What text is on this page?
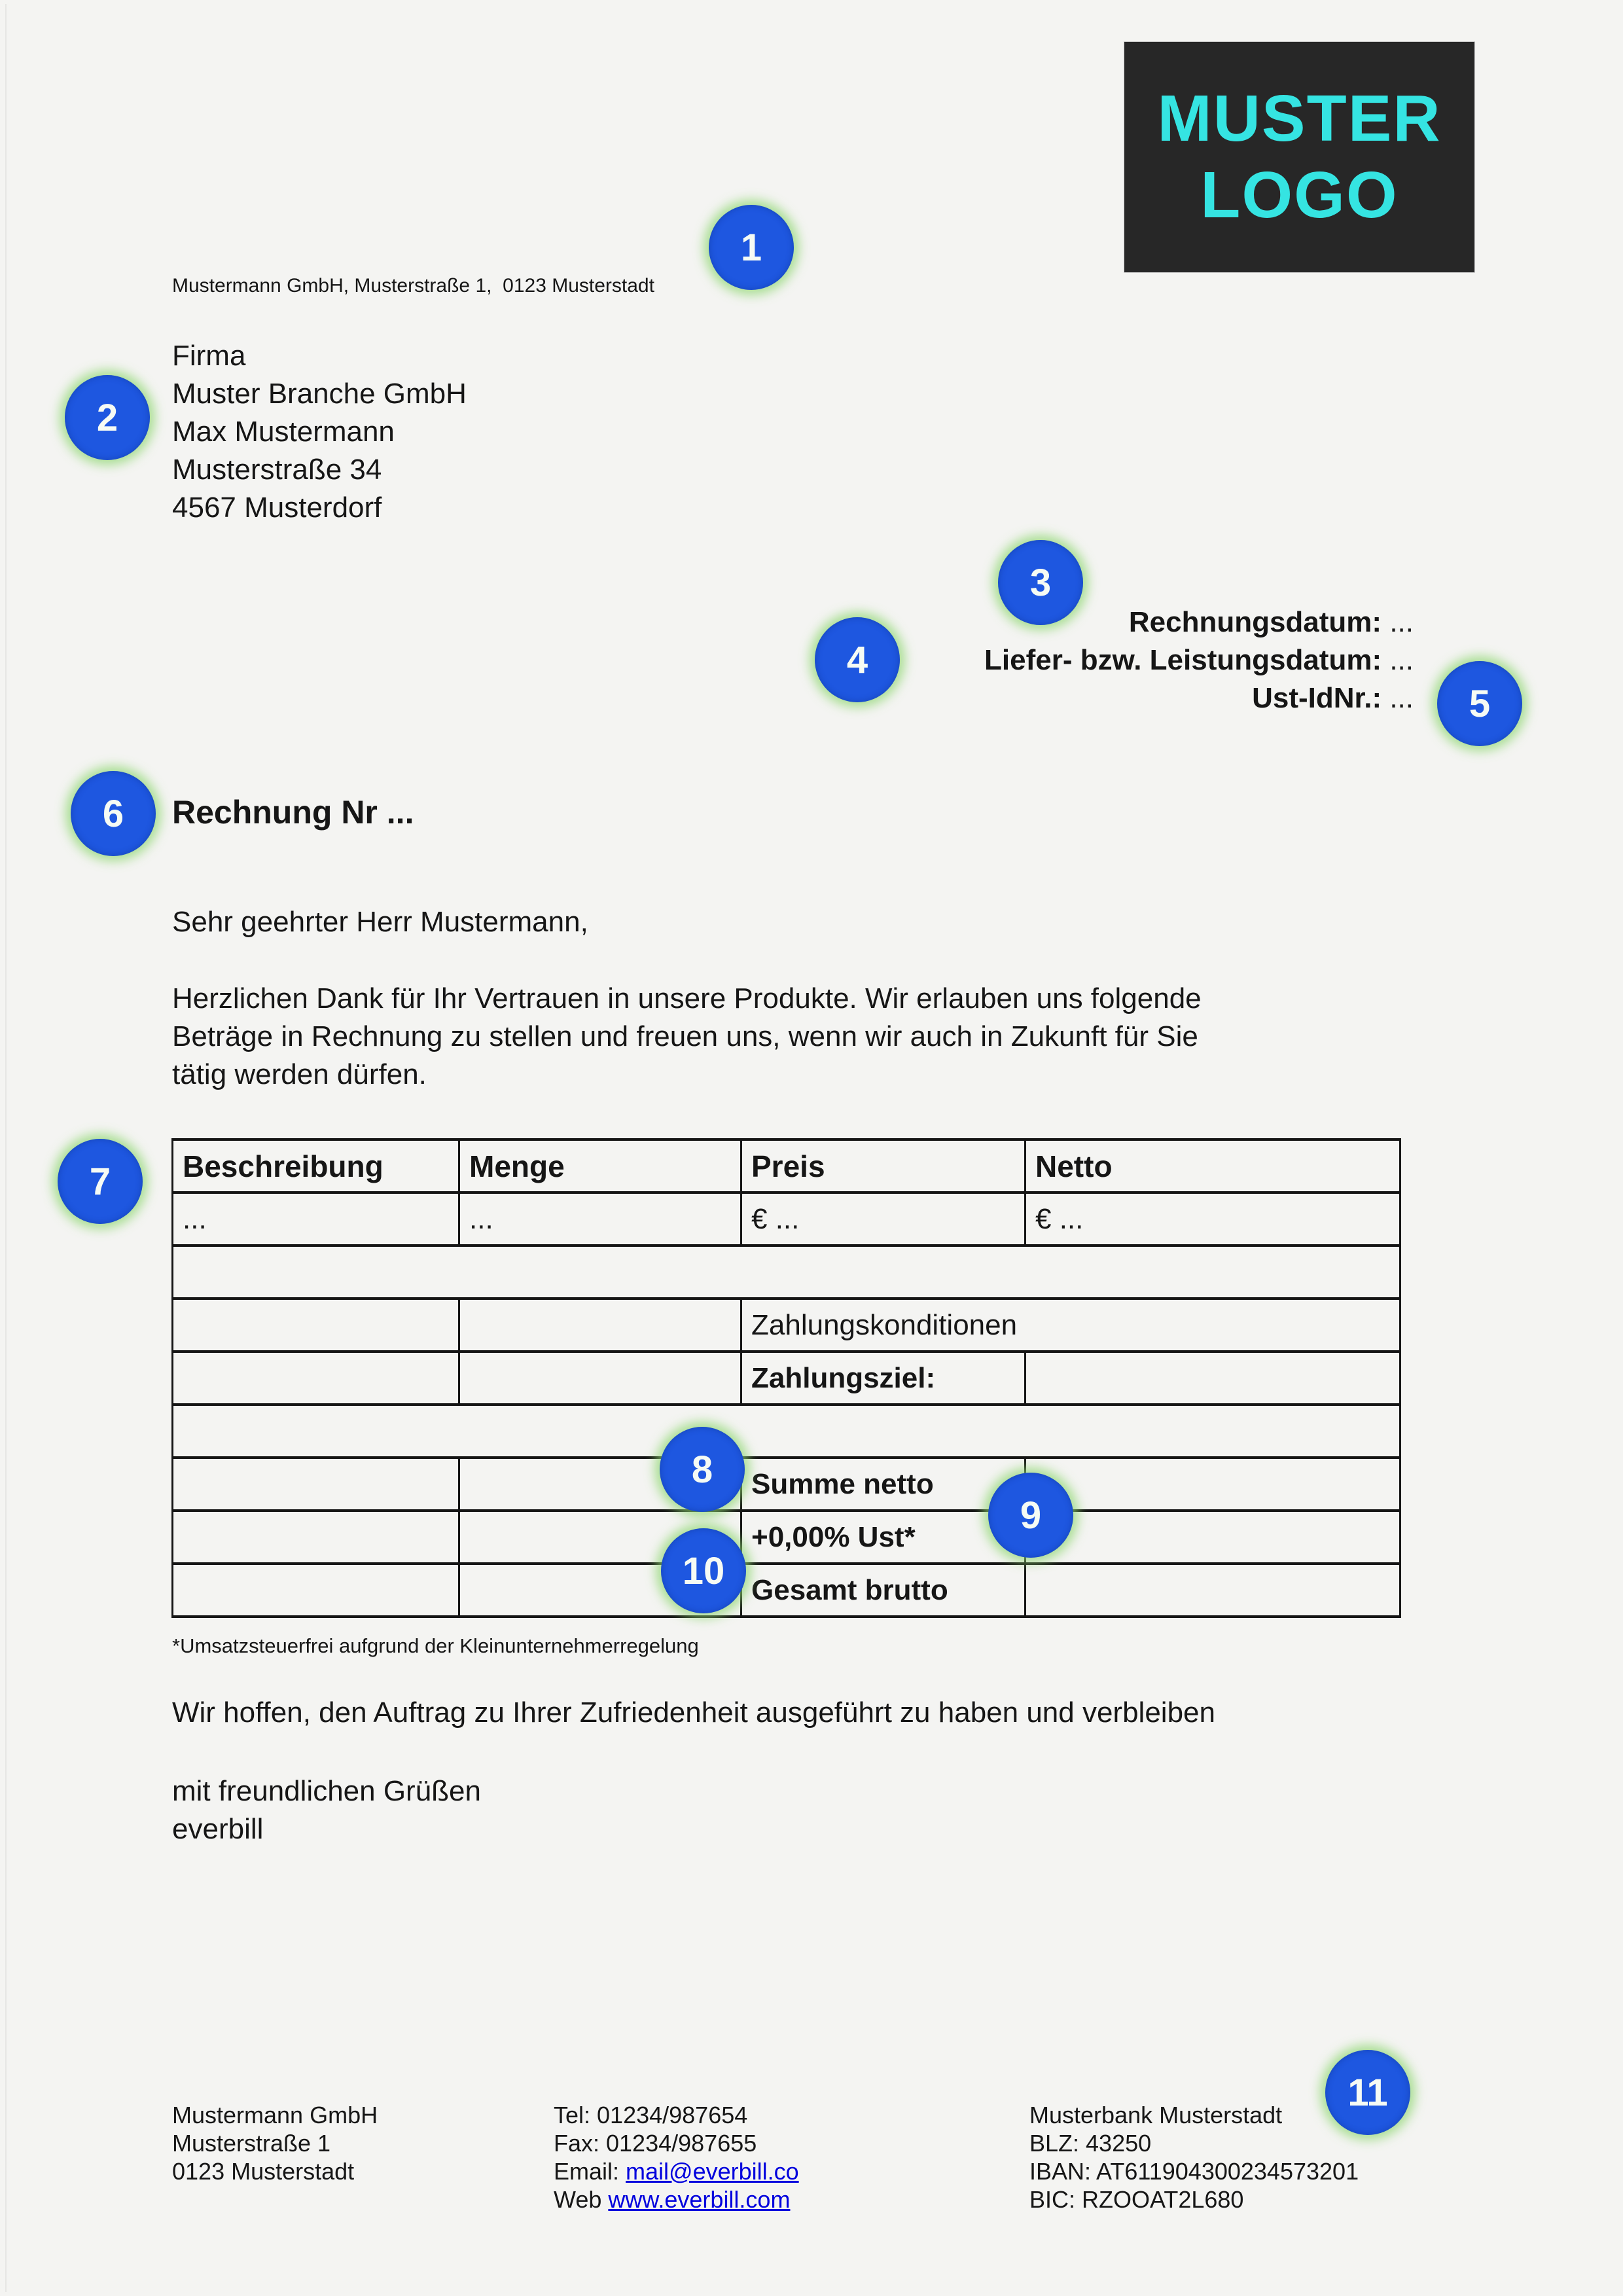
MUSTER
LOGO
Mustermann GmbH, Musterstraße 1,  0123 Musterstadt
Firma
Muster Branche GmbH
Max Mustermann
Musterstraße 34
4567 Musterdorf
Rechnungsdatum: ...
Liefer- bzw. Leistungsdatum: ...
Ust-IdNr.: ...
Rechnung Nr ...
Sehr geehrter Herr Mustermann,
Herzlichen Dank für Ihr Vertrauen in unsere Produkte. Wir erlauben uns folgende
Beträge in Rechnung zu stellen und freuen uns, wenn wir auch in Zukunft für Sie
tätig werden dürfen.
Beschreibung	Menge	Preis	Netto
...	...	€ ...	€ ...

		Zahlungskonditionen	
		Zahlungsziel:	

		Summe netto	
		+0,00% Ust*	
		Gesamt brutto	
*Umsatzsteuerfrei aufgrund der Kleinunternehmerregelung
Wir hoffen, den Auftrag zu Ihrer Zufriedenheit ausgeführt zu haben und verbleiben
mit freundlichen Grüßen
everbill
Mustermann GmbH
Musterstraße 1
0123 Musterstadt
Tel: 01234/987654
Fax: 01234/987655
Email: mail@everbill.co
Web www.everbill.com
Musterbank Musterstadt
BLZ: 43250
IBAN: AT611904300234573201
BIC: RZOOAT2L680
1
2
3
4
5
6
7
8
9
10
11
